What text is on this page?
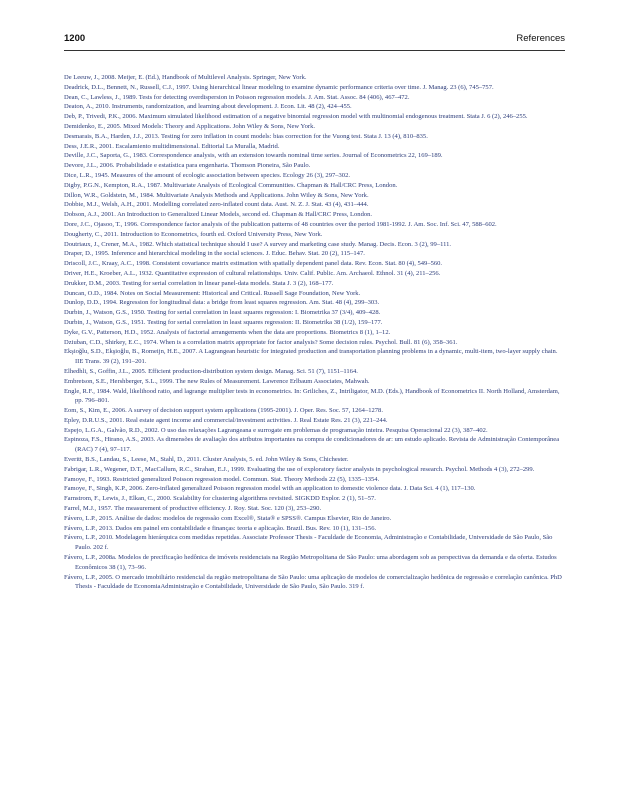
1200	References
De Leeuw, J., 2008. Meijer, E. (Ed.), Handbook of Multilevel Analysis. Springer, New York.
Deadrick, D.L., Bennett, N., Russell, C.J., 1997. Using hierarchical linear modeling to examine dynamic performance criteria over time. J. Manag. 23 (6), 745–757.
Dean, C., Lawless, J., 1989. Tests for detecting overdispersion in Poisson regression models. J. Am. Stat. Assoc. 84 (406), 467–472.
Deaton, A., 2010. Instruments, randomization, and learning about development. J. Econ. Lit. 48 (2), 424–455.
Deb, P., Trivedi, P.K., 2006. Maximum simulated likelihood estimation of a negative binomial regression model with multinomial endogenous treatment. Stata J. 6 (2), 246–255.
Demidenko, E., 2005. Mixed Models: Theory and Applications. John Wiley & Sons, New York.
Desmarais, B.A., Harden, J.J., 2013. Testing for zero inflation in count models: bias correction for the Vuong test. Stata J. 13 (4), 810–835.
Dess, J.E.R., 2001. Escalamiento multidimensional. Editorial La Muralla, Madrid.
Deville, J.C., Saporta, G., 1983. Correspondence analysis, with an extension towards nominal time series. Journal of Econometrics 22, 169–189.
Devore, J.L., 2006. Probabilidade e estatística para engenharia. Thomson Pioneira, São Paulo.
Dice, L.R., 1945. Measures of the amount of ecologic association between species. Ecology 26 (3), 297–302.
Digby, P.G.N., Kempton, R.A., 1987. Multivariate Analysis of Ecological Communities. Chapman & Hall/CRC Press, London.
Dillon, W.R., Goldstein, M., 1984. Multivariate Analysis Methods and Applications. John Wiley & Sons, New York.
Dobbie, M.J., Welsh, A.H., 2001. Modelling correlated zero-inflated count data. Aust. N. Z. J. Stat. 43 (4), 431–444.
Dobson, A.J., 2001. An Introduction to Generalized Linear Models, second ed. Chapman & Hall/CRC Press, London.
Dore, J.C., Ojasoo, T., 1996. Correspondence factor analysis of the publication patterns of 48 countries over the period 1981-1992. J. Am. Soc. Inf. Sci. 47, 588–602.
Dougherty, C., 2011. Introduction to Econometrics, fourth ed. Oxford University Press, New York.
Doutriaux, J., Crener, M.A., 1982. Which statistical technique should I use? A survey and marketing case study. Manag. Decis. Econ. 3 (2), 99–111.
Draper, D., 1995. Inference and hierarchical modeling in the social sciences. J. Educ. Behav. Stat. 20 (2), 115–147.
Driscoll, J.C., Kraay, A.C., 1998. Consistent covariance matrix estimation with spatially dependent panel data. Rev. Econ. Stat. 80 (4), 549–560.
Driver, H.E., Kroeber, A.L., 1932. Quantitative expression of cultural relationships. Univ. Calif. Public. Am. Archaeol. Ethnol. 31 (4), 211–256.
Drukker, D.M., 2003. Testing for serial correlation in linear panel-data models. Stata J. 3 (2), 168–177.
Duncan, O.D., 1984. Notes on Social Measurement: Historical and Critical. Russell Sage Foundation, New York.
Dunlop, D.D., 1994. Regression for longitudinal data: a bridge from least squares regression. Am. Stat. 48 (4), 299–303.
Durbin, J., Watson, G.S., 1950. Testing for serial correlation in least squares regression: I. Biometrika 37 (3/4), 409–428.
Durbin, J., Watson, G.S., 1951. Testing for serial correlation in least squares regression: II. Biometrika 38 (1/2), 159–177.
Dyke, G.V., Patterson, H.D., 1952. Analysis of factorial arrangements when the data are proportions. Biometrics 8 (1), 1–12.
Dziuban, C.D., Shirkey, E.C., 1974. When is a correlation matrix appropriate for factor analysis? Some decision rules. Psychol. Bull. 81 (6), 358–361.
Ekşioğlu, S.D., Ekşioğlu, B., Romeijn, H.E., 2007. A Lagrangean heuristic for integrated production and transportation planning problems in a dynamic, multi-item, two-layer supply chain. IIE Trans. 39 (2), 191–201.
Elhedhli, S., Goffin, J.L., 2005. Efficient production-distribution system design. Manag. Sci. 51 (7), 1151–1164.
Embretson, S.E., Hershberger, S.L., 1999. The new Rules of Measurement. Lawrence Erlbaum Associates, Mahwah.
Engle, R.F., 1984. Wald, likelihood ratio, and lagrange multiplier tests in econometrics. In: Griliches, Z., Intriligator, M.D. (Eds.), Handbook of Econometrics II. North Holland, Amsterdam, pp. 796–801.
Eom, S., Kim, E., 2006. A survey of decision support system applications (1995-2001). J. Oper. Res. Soc. 57, 1264–1278.
Epley, D.R.U.S., 2001. Real estate agent income and commercial/investment activities. J. Real Estate Res. 21 (3), 221–244.
Espejo, L.G.A., Galvão, R.D., 2002. O uso das relaxações Lagrangeana e surrogate em problemas de programação inteira. Pesquisa Operacional 22 (3), 387–402.
Espinoza, F.S., Hirano, A.S., 2003. As dimensões de avaliação dos atributos importantes na compra de condicionadores de ar: um estudo aplicado. Revista de Administração Contemporânea (RAC) 7 (4), 97–117.
Everitt, B.S., Landau, S., Leese, M., Stahl, D., 2011. Cluster Analysis, 5. ed. John Wiley & Sons, Chichester.
Fabrigar, L.R., Wegener, D.T., MacCallum, R.C., Strahan, E.J., 1999. Evaluating the use of exploratory factor analysis in psychological research. Psychol. Methods 4 (3), 272–299.
Famoye, F., 1993. Restricted generalized Poisson regression model. Commun. Stat. Theory Methods 22 (5), 1335–1354.
Famoye, F., Singh, K.P., 2006. Zero-inflated generalized Poisson regression model with an application to domestic violence data. J. Data Sci. 4 (1), 117–130.
Farnstrom, F., Lewis, J., Elkan, C., 2000. Scalability for clustering algorithms revisited. SIGKDD Explor. 2 (1), 51–57.
Farrel, M.J., 1957. The measurement of productive efficiency. J. Roy. Stat. Soc. 120 (3), 253–290.
Fávero, L.P., 2015. Análise de dados: modelos de regressão com Excel®, Stata® e SPSS®. Campus Elsevier, Rio de Janeiro.
Fávero, L.P., 2013. Dados em painel em contabilidade e finanças: teoria e aplicação. Brazil. Bus. Rev. 10 (1), 131–156.
Fávero, L.P., 2010. Modelagem hierárquica com medidas repetidas. Associate Professor Thesis - Faculdade de Economia, Administração e Contabilidade, Universidade de São Paulo, São Paulo. 202 f.
Fávero, L.P., 2008a. Modelos de precificação hedônica de imóveis residenciais na Região Metropolitana de São Paulo: uma abordagem sob as perspectivas da demanda e da oferta. Estudos Econômicos 38 (1), 73–96.
Fávero, L.P., 2005. O mercado imobiliário residencial da região metropolitana de São Paulo: uma aplicação de modelos de comercialização hedônica de regressão e correlação canônica. PhD Thesis - Faculdade de EconomiaAdministração e Contabilidade, Universidade de São Paulo, São Paulo. 319 f.
